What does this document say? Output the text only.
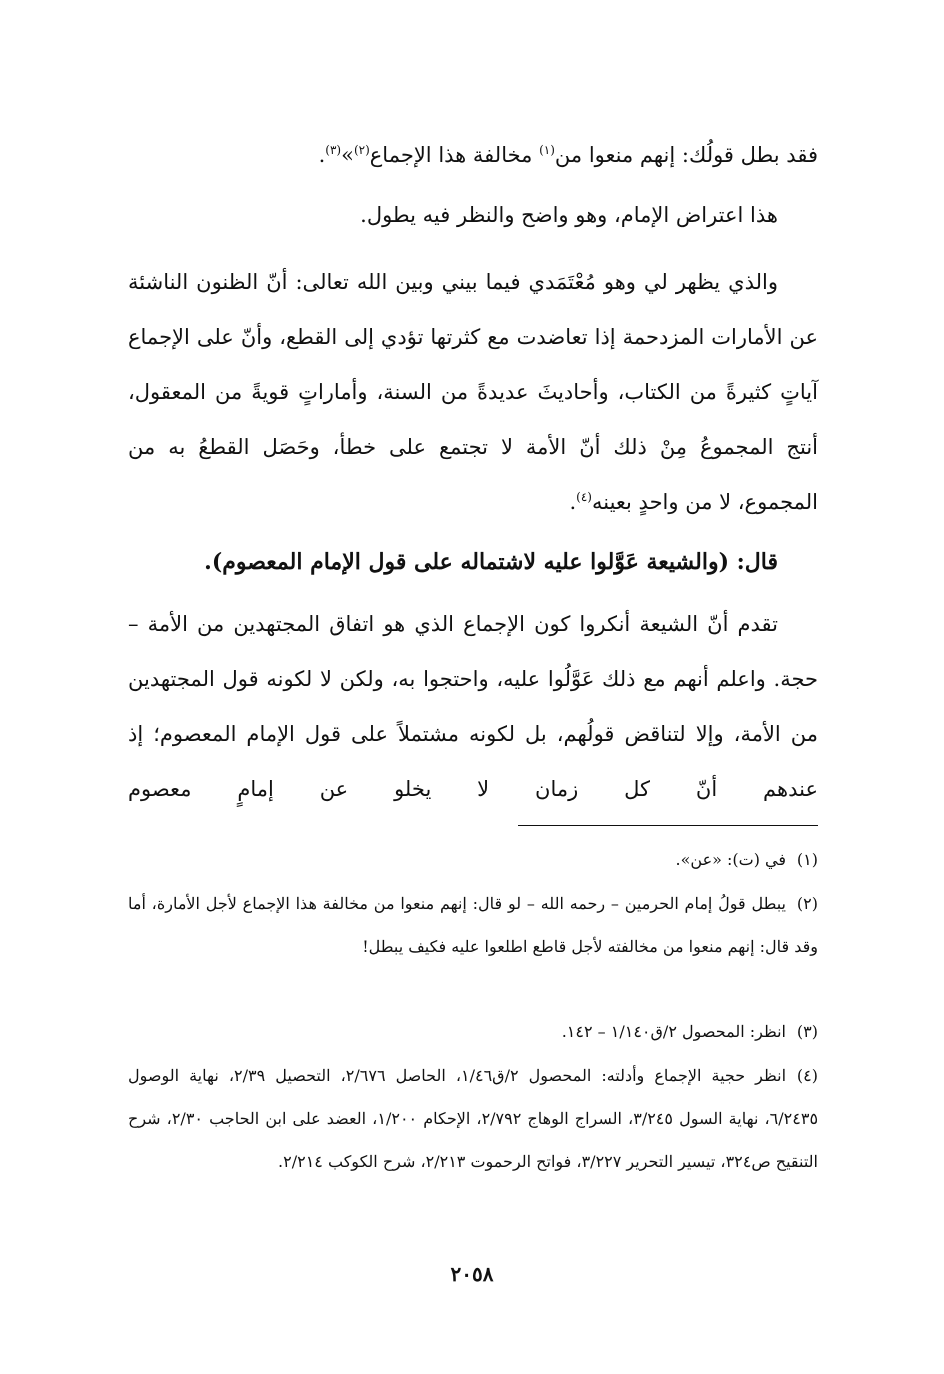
فقد بطل قولُك: إنهم منعوا من$^{(١)}$ مخالفة هذا الإجماع$^{(٢)}$»$^{(٣)}$.

هذا اعتراض الإمام، وهو واضح والنظر فيه يطول.

والذي يظهر لي وهو مُعْتَمَدي فيما بيني وبين الله تعالى: أنّ الظنون الناشئة عن الأمارات المزدحمة إذا تعاضدت مع كثرتها تؤدي إلى القطع، وأنّ على الإجماع آياتٍ كثيرةً من الكتاب، وأحاديثَ عديدةً من السنة، وأماراتٍ قويةً من المعقول، أنتج المجموعُ مِنْ ذلك أنّ الأمة لا تجتمع على خطأ، وحَصَل القطعُ به من المجموع، لا من واحدٍ بعينه$^{(٤)}$.

قال: (والشيعة عَوَّلوا عليه لاشتماله على قول الإمام المعصوم).

تقدم أنّ الشيعة أنكروا كون الإجماع الذي هو اتفاق المجتهدين من الأمة – حجة. واعلم أنهم مع ذلك عَوَّلُوا عليه، واحتجوا به، ولكن لا لكونه قول المجتهدين من الأمة، وإلا لتناقض قولُهم، بل لكونه مشتملاً على قول الإمام المعصوم؛ إذ عندهم أنّ كل زمان لا يخلو عن إمامٍ معصوم

(١)في (ت): «عن».
(٢)يبطل قولُ إمام الحرمين – رحمه الله – لو قال: إنهم منعوا من مخالفة هذا الإجماع لأجل الأمارة، أما وقد قال: إنهم منعوا من مخالفته لأجل قاطع اطلعوا عليه فكيف يبطل!
(٣)انظر: المحصول ٢/ق١/١٤٠ – ١٤٢.
(٤)انظر حجية الإجماع وأدلته: المحصول ٢/ق١/٤٦، الحاصل ٢/٦٧٦، التحصيل ٢/٣٩، نهاية الوصول ٦/٢٤٣٥، نهاية السول ٣/٢٤٥، السراج الوهاج ٢/٧٩٢، الإحكام ١/٢٠٠، العضد على ابن الحاجب ٢/٣٠، شرح التنقيح ص٣٢٤، تيسير التحرير ٣/٢٢٧، فواتح الرحموت ٢/٢١٣، شرح الكوكب ٢/٢١٤.
٢٠٥٨
